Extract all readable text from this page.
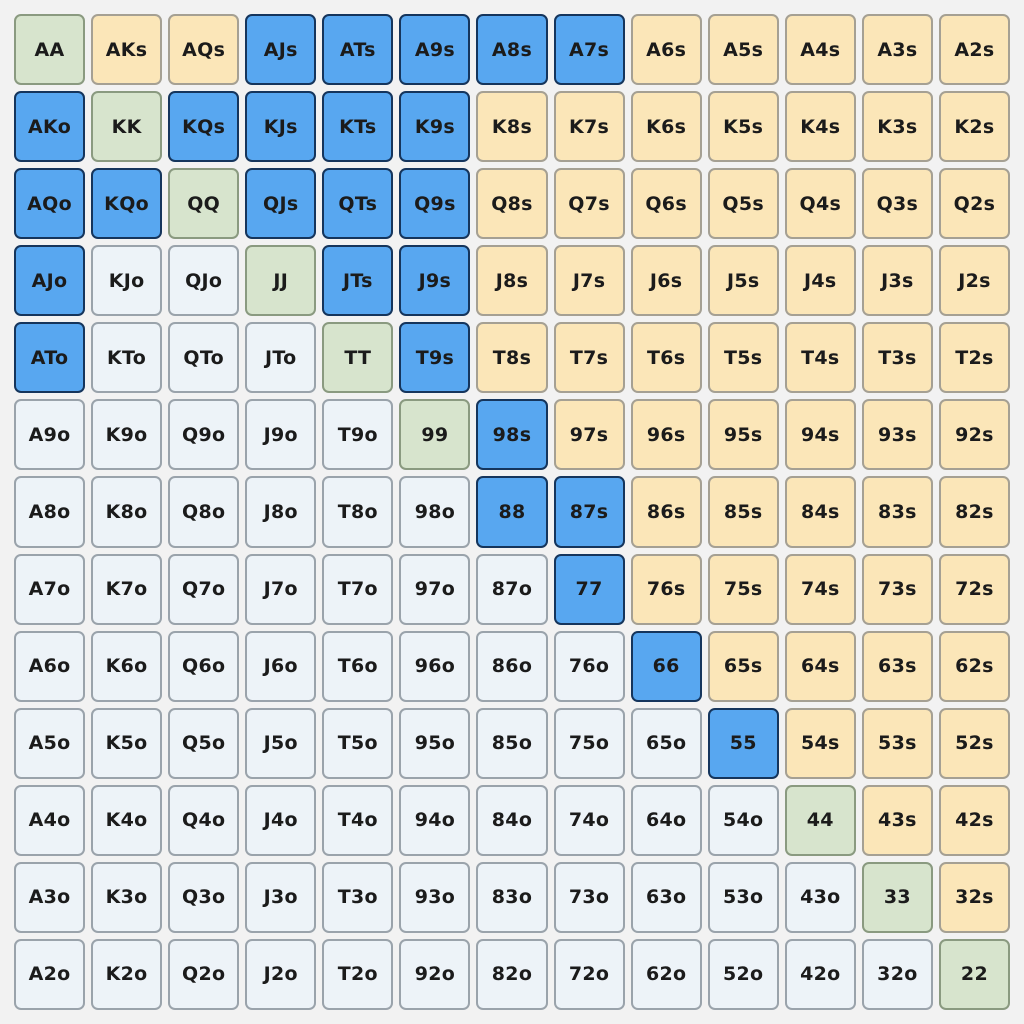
AA	AKs	AQs	AJs	ATs	A9s	A8s	A7s	A6s	A5s	A4s	A3s	A2s
AKo	KK	KQs	KJs	KTs	K9s	K8s	K7s	K6s	K5s	K4s	K3s	K2s
AQo	KQo	QQ	QJs	QTs	Q9s	Q8s	Q7s	Q6s	Q5s	Q4s	Q3s	Q2s
AJo	KJo	QJo	JJ	JTs	J9s	J8s	J7s	J6s	J5s	J4s	J3s	J2s
ATo	KTo	QTo	JTo	TT	T9s	T8s	T7s	T6s	T5s	T4s	T3s	T2s
A9o	K9o	Q9o	J9o	T9o	99	98s	97s	96s	95s	94s	93s	92s
A8o	K8o	Q8o	J8o	T8o	98o	88	87s	86s	85s	84s	83s	82s
A7o	K7o	Q7o	J7o	T7o	97o	87o	77	76s	75s	74s	73s	72s
A6o	K6o	Q6o	J6o	T6o	96o	86o	76o	66	65s	64s	63s	62s
A5o	K5o	Q5o	J5o	T5o	95o	85o	75o	65o	55	54s	53s	52s
A4o	K4o	Q4o	J4o	T4o	94o	84o	74o	64o	54o	44	43s	42s
A3o	K3o	Q3o	J3o	T3o	93o	83o	73o	63o	53o	43o	33	32s
A2o	K2o	Q2o	J2o	T2o	92o	82o	72o	62o	52o	42o	32o	22
